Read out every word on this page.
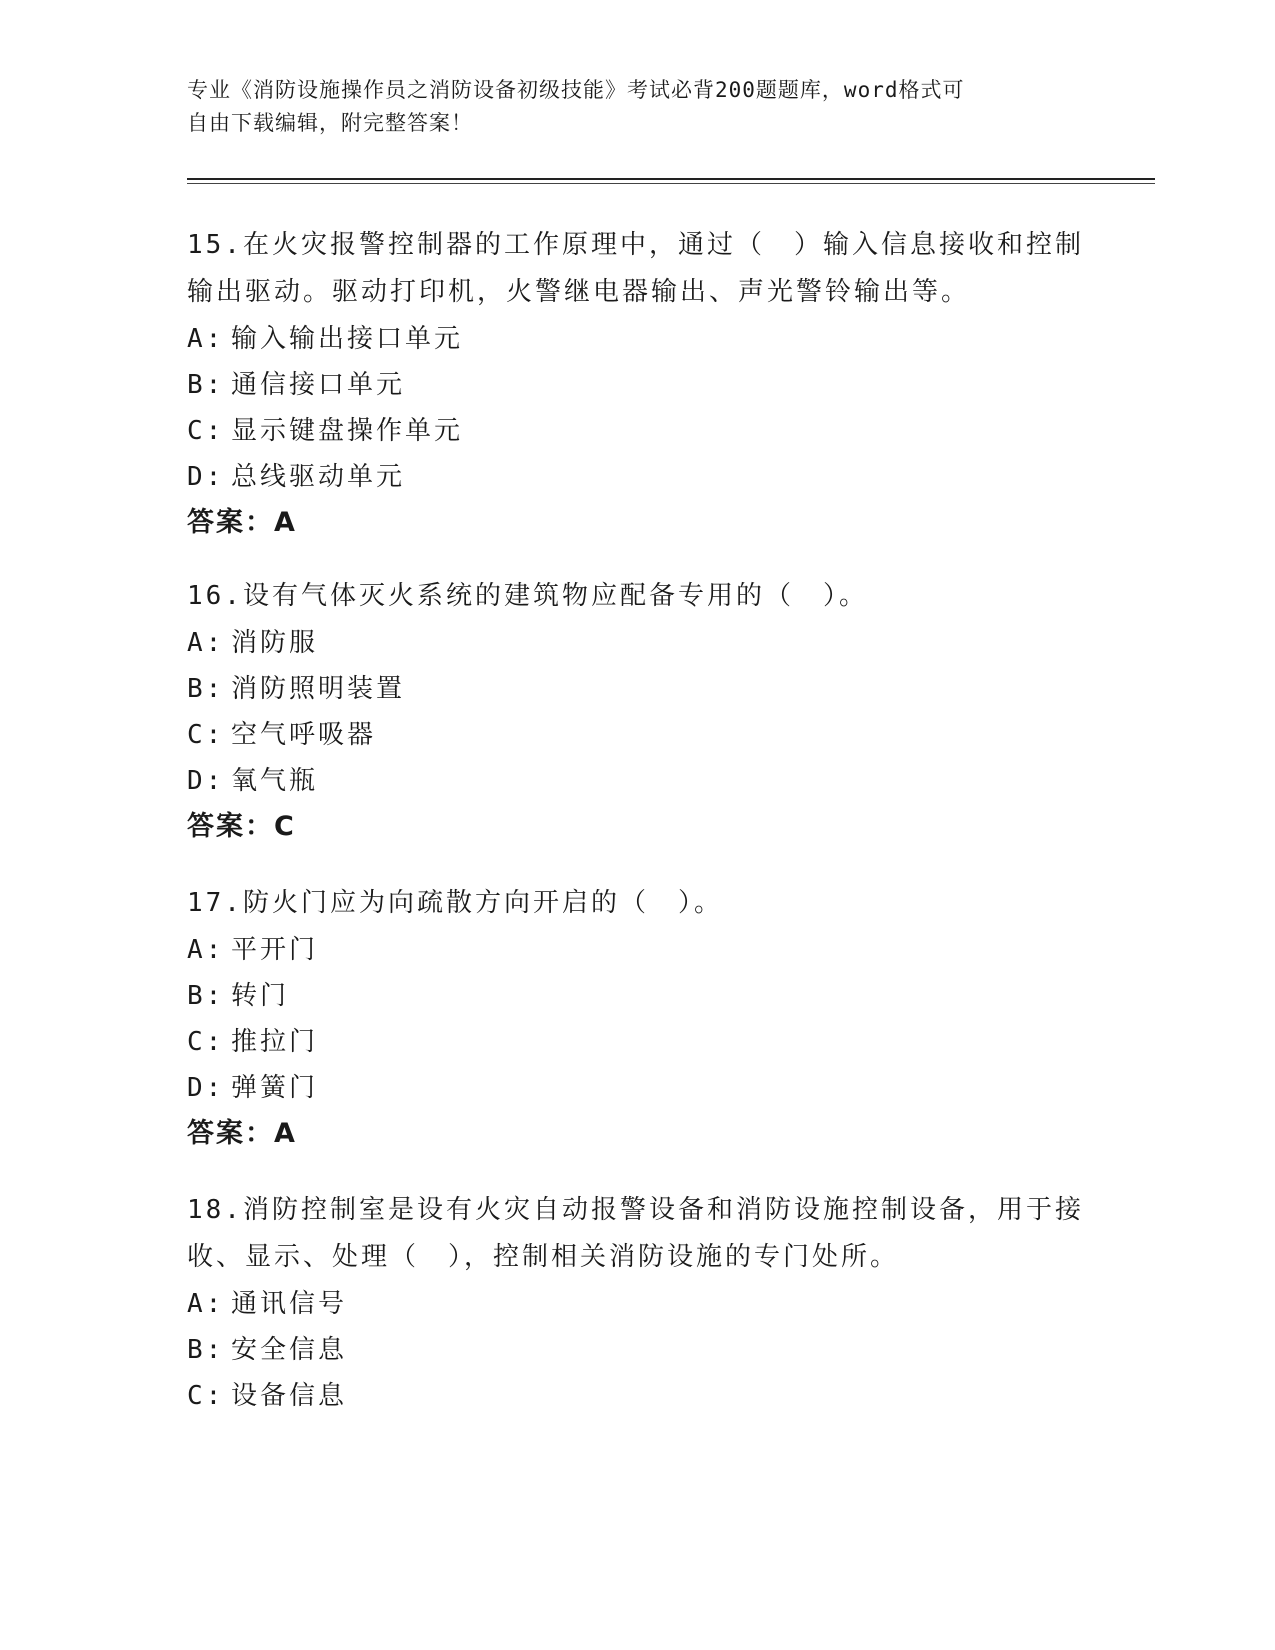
专业《消防设施操作员之消防设备初级技能》考试必背200题题库，word格式可
自由下载编辑，附完整答案！

15.在火灾报警控制器的工作原理中，通过（　）输入信息接收和控制
输出驱动。驱动打印机，火警继电器输出、声光警铃输出等。

A: 输入输出接口单元

B: 通信接口单元

C: 显示键盘操作单元

D: 总线驱动单元

答案：A

16.设有气体灭火系统的建筑物应配备专用的（　）。

A: 消防服

B: 消防照明装置

C: 空气呼吸器

D: 氧气瓶

答案：C

17.防火门应为向疏散方向开启的（　）。

A: 平开门

B: 转门

C: 推拉门

D: 弹簧门

答案：A

18.消防控制室是设有火灾自动报警设备和消防设施控制设备，用于接
收、显示、处理（　），控制相关消防设施的专门处所。

A: 通讯信号

B: 安全信息

C: 设备信息
